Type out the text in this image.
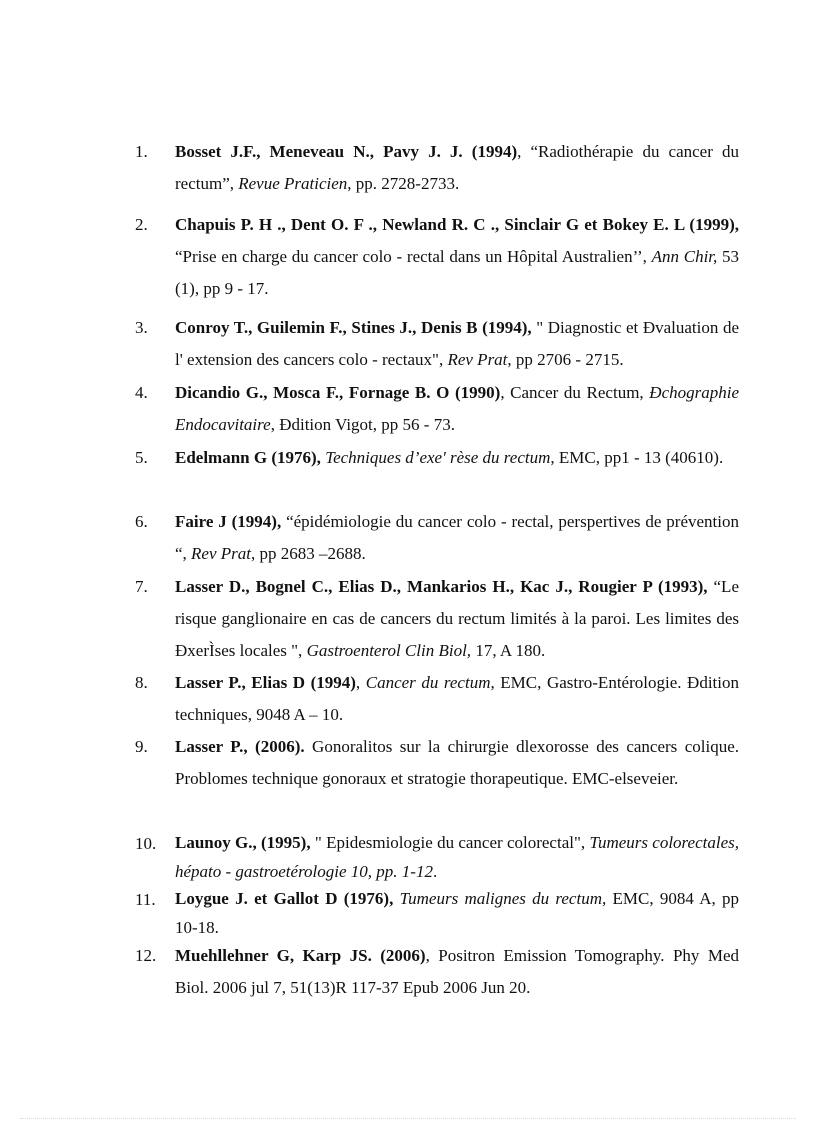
1. Bosset J.F., Meneveau N., Pavy J. J. (1994), “Radiothérapie du cancer du rectum”, Revue Praticien, pp. 2728-2733.
2. Chapuis P. H ., Dent O. F ., Newland R. C ., Sinclair G et Bokey E. L (1999), “Prise en charge du cancer colo - rectal dans un Hôpital Australien’’, Ann Chir, 53 (1), pp 9 - 17.
3. Conroy T., Guilemin F., Stines J., Denis B (1994), " Diagnostic et Ðvaluation de l' extension des cancers colo - rectaux", Rev Prat, pp 2706 - 2715.
4. Dicandio G., Mosca F., Fornage B. O (1990), Cancer du Rectum, Ðchographie Endocavitaire, Ðdition Vigot, pp 56 - 73.
5. Edelmann G (1976), Techniques d’exe' rèse du rectum, EMC, pp1 - 13 (40610).
6. Faire J (1994), “épidémiologie du cancer colo - rectal, perspertives de prévention “, Rev Prat, pp 2683 –2688.
7. Lasser D., Bognel C., Elias D., Mankarios H., Kac J., Rougier P (1993), “Le risque ganglionaire en cas de cancers du rectum limités à la paroi. Les limites des ÐxerÌses locales ", Gastroenterol Clin Biol, 17, A 180.
8. Lasser P., Elias D (1994), Cancer du rectum, EMC, Gastro-Entérologie. Ðdition techniques, 9048 A – 10.
9. Lasser P., (2006). Gonoralitos sur la chirurgie dlexorosse des cancers colique. Problomes technique gonoraux et stratogie thorapeutique. EMC-elseveier.
10. Launoy G., (1995), " Epidesmiologie du cancer colorectal", Tumeurs colorectales, hépato - gastroetérologie 10, pp. 1-12.
11. Loygue J. et Gallot D (1976), Tumeurs malignes du rectum, EMC, 9084 A, pp 10-18.
12. Muehllehner G, Karp JS. (2006), Positron Emission Tomography. Phy Med Biol. 2006 jul 7, 51(13)R 117-37 Epub 2006 Jun 20.
